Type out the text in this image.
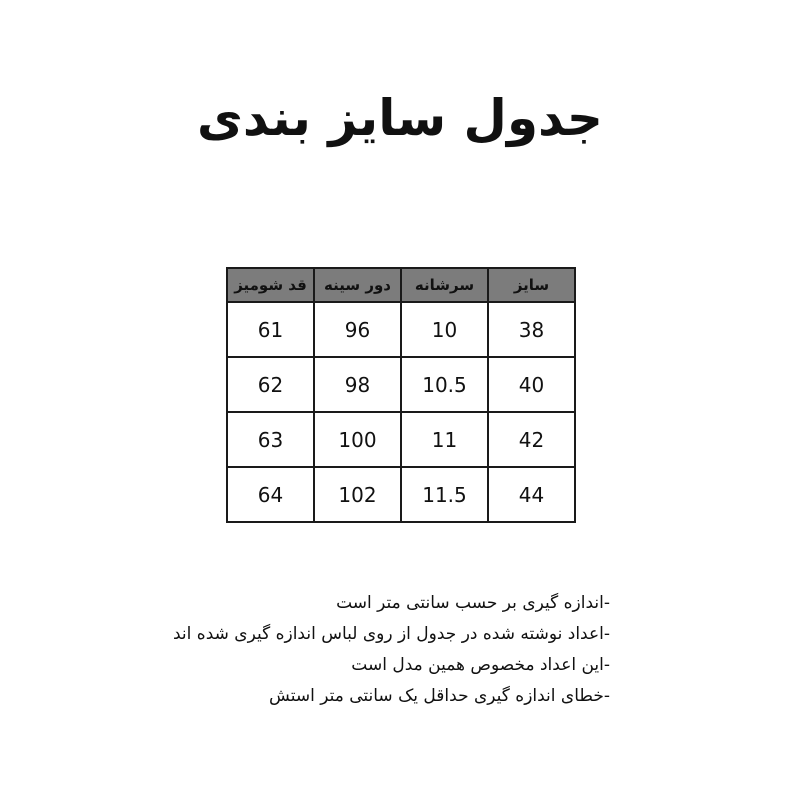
جدول سایز بندی
سایز	سرشانه	دور سینه	قد شومیز
38	10	96	61
40	10.5	98	62
42	11	100	63
44	11.5	102	64
-اندازه گیری بر حسب سانتی متر است
-اعداد نوشته شده در جدول از روی لباس اندازه گیری شده اند
-این اعداد مخصوص همین مدل است
-خطای اندازه گیری حداقل یک سانتی متر استش
